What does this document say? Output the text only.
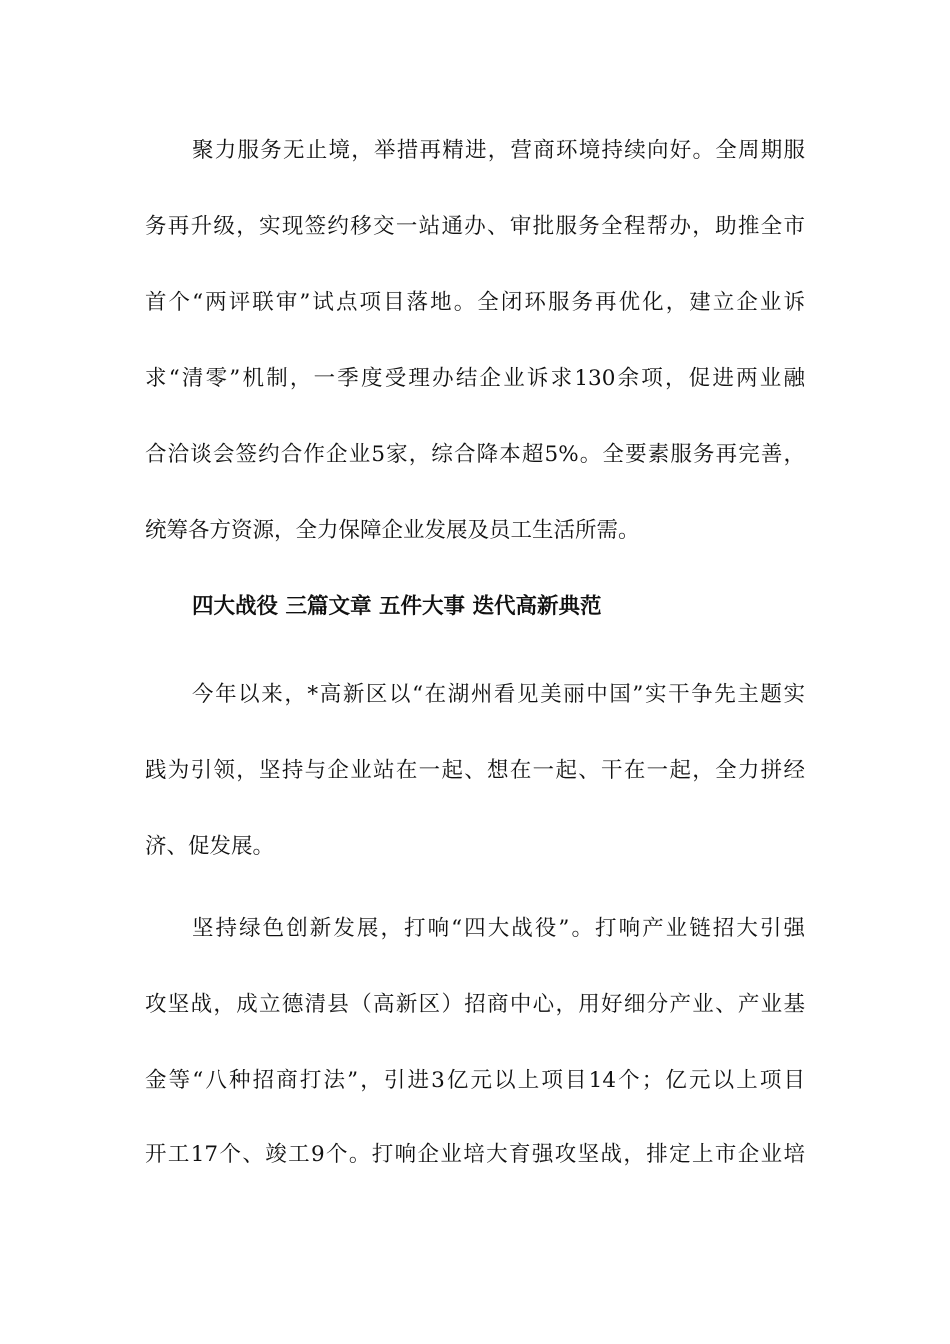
聚力服务无止境，举措再精进，营商环境持续向好。全周期服
务再升级，实现签约移交一站通办、审批服务全程帮办，助推全市
首个“两评联审”试点项目落地。全闭环服务再优化，建立企业诉
求“清零”机制，一季度受理办结企业诉求130余项，促进两业融
合洽谈会签约合作企业5家，综合降本超5%。全要素服务再完善，
统筹各方资源，全力保障企业发展及员工生活所需。
四大战役 三篇文章 五件大事 迭代高新典范
今年以来，*高新区以“在湖州看见美丽中国”实干争先主题实
践为引领，坚持与企业站在一起、想在一起、干在一起，全力拼经
济、促发展。
坚持绿色创新发展，打响“四大战役”。打响产业链招大引强
攻坚战，成立德清县（高新区）招商中心，用好细分产业、产业基
金等“八种招商打法”，引进3亿元以上项目14个；亿元以上项目
开工17个、竣工9个。打响企业培大育强攻坚战，排定上市企业培
